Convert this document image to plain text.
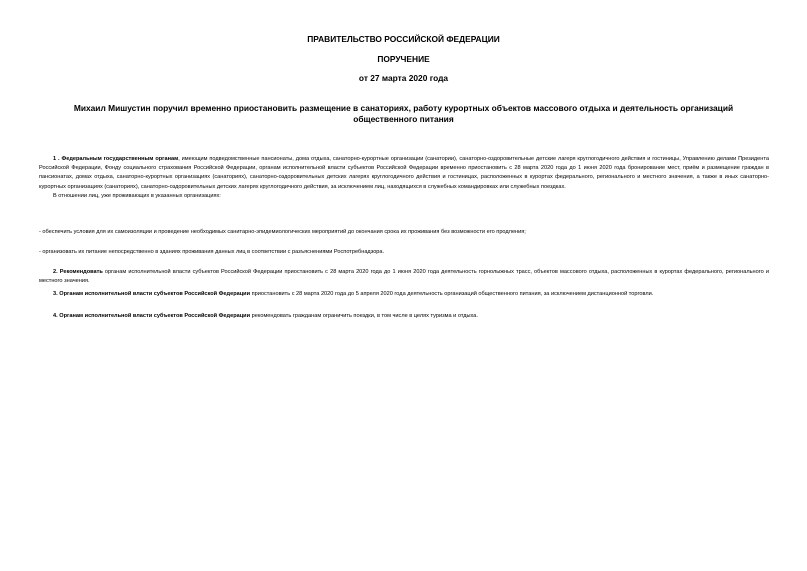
ПРАВИТЕЛЬСТВО РОССИЙСКОЙ ФЕДЕРАЦИИ
ПОРУЧЕНИЕ
от 27 марта 2020 года
Михаил Мишустин поручил временно приостановить размещение в санаториях, работу курортных объектов массового отдыха и деятельность организаций
общественного питания
1 . Федеральным государственным органам, имеющим подведомственные пансионаты, дома отдыха, санаторно-курортные организации (санатории), санаторно-оздоровительные детские лагеря круглогодичного действия и гостиницы, Управлению делами Президента Российской Федерации, Фонду социального страхования Российской Федерации, органам исполнительной власти субъектов Российской Федерации временно приостановить с 28 марта 2020 года до 1 июня 2020 года бронирование мест, приём и размещение граждан в пансионатах, домах отдыха, санаторно-курортных организациях (санаториях), санаторно-оздоровительных детских лагерях круглогодичного действия и гостиницах, расположенных в курортах федерального, регионального и местного значения, а также в иных санаторно-курортных организациях (санаториях), санаторно-оздоровительных детских лагерях круглогодичного действия, за исключением лиц, находящихся в служебных командировках или служебных поездках.
В отношении лиц, уже проживающих в указанных организациях:
- обеспечить условия для их самоизоляции и проведение необходимых санитарно-эпидемиологических мероприятий до окончания срока их проживания без возможности его продления;
- организовать их питание непосредственно в зданиях проживания данных лиц в соответствии с разъяснениями Роспотребнадзора.
2. Рекомендовать органам исполнительной власти субъектов Российской Федерации приостановить с 28 марта 2020 года до 1 июня 2020 года деятельность горнолыжных трасс, объектов массового отдыха, расположенных в курортах федерального, регионального и местного значения.
3. Органам исполнительной власти субъектов Российской Федерации приостановить с 28 марта 2020 года до 5 апреля 2020 года деятельность организаций общественного питания, за исключением дистанционной торговли.
4. Органам исполнительной власти субъектов Российской Федерации рекомендовать гражданам ограничить поездки, в том числе в целях туризма и отдыха.
